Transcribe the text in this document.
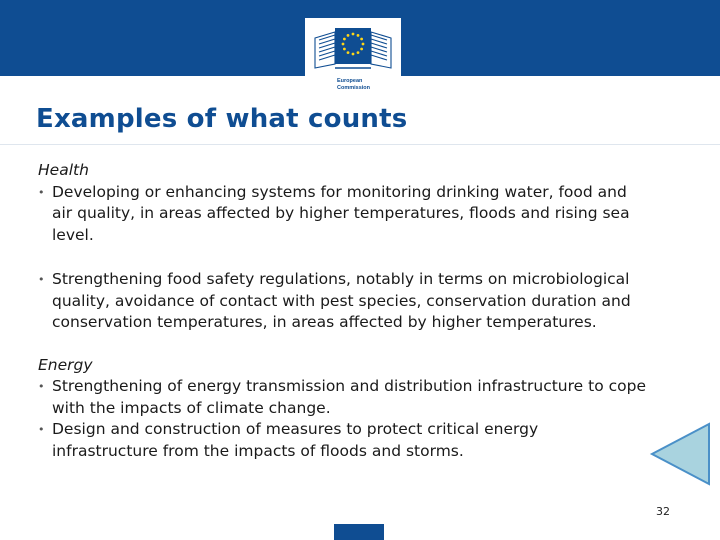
European
Commission
Examples of what counts
Health
• Developing or enhancing systems for monitoring drinking water, food and air quality, in areas affected by higher temperatures, floods and rising sea level.
• Strengthening food safety regulations, notably in terms on microbiological quality, avoidance of contact with pest species, conservation duration and conservation temperatures, in areas affected by higher temperatures.
Energy
• Strengthening of energy transmission and distribution infrastructure to cope with the impacts of climate change.
• Design and construction of measures to protect critical energy infrastructure from the impacts of floods and storms.
32
